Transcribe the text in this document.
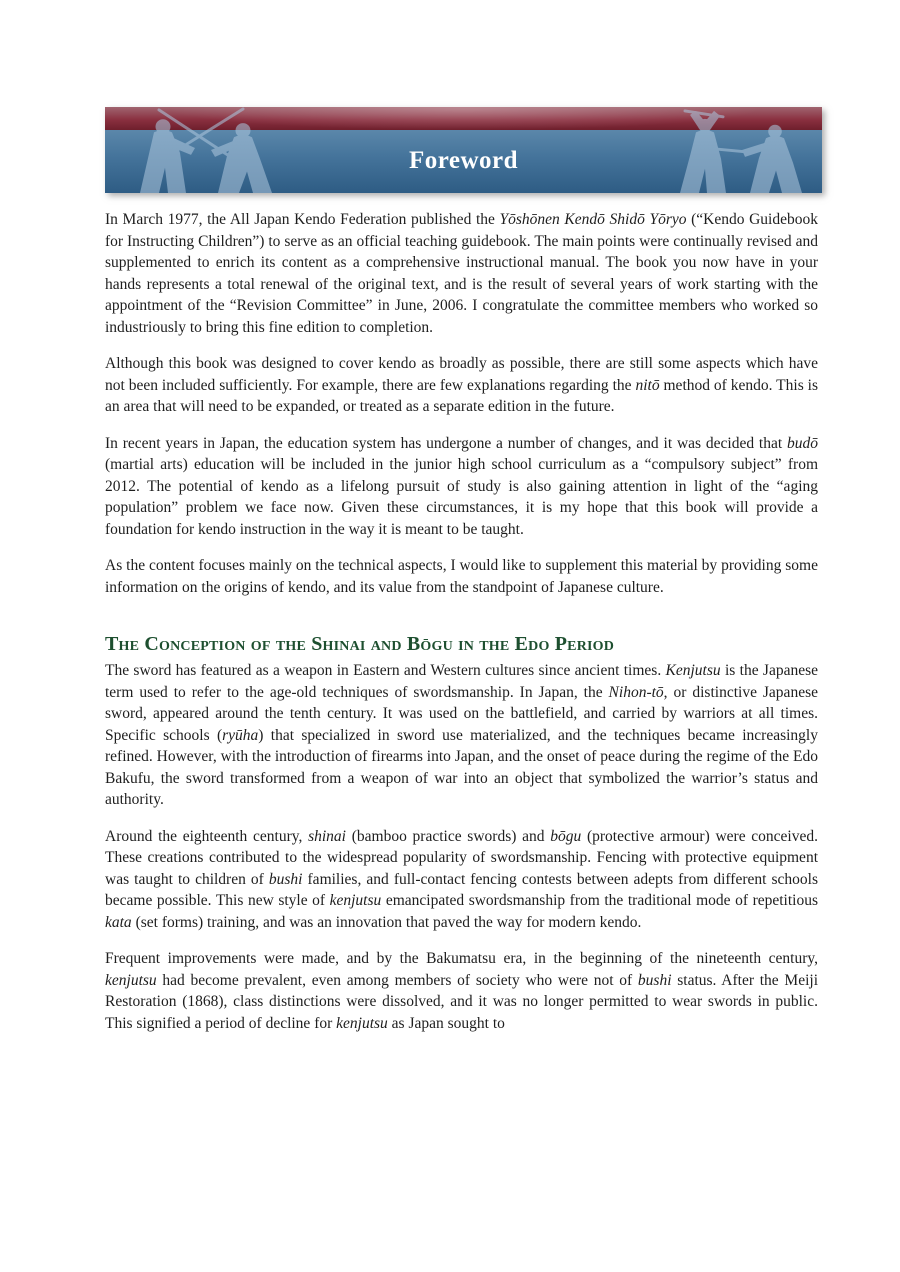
Foreword

In March 1977, the All Japan Kendo Federation published the Yōshōnen Kendō Shidō Yōryo (“Kendo Guidebook for Instructing Children”) to serve as an official teaching guidebook. The main points were continually revised and supplemented to enrich its content as a comprehensive instructional manual. The book you now have in your hands represents a total renewal of the original text, and is the result of several years of work starting with the appointment of the “Revision Committee” in June, 2006. I congratulate the committee members who worked so industriously to bring this fine edition to completion.

Although this book was designed to cover kendo as broadly as possible, there are still some aspects which have not been included sufficiently. For example, there are few explanations regarding the nitō method of kendo. This is an area that will need to be expanded, or treated as a separate edition in the future.

In recent years in Japan, the education system has undergone a number of changes, and it was decided that budō (martial arts) education will be included in the junior high school curriculum as a “compulsory subject” from 2012. The potential of kendo as a lifelong pursuit of study is also gaining attention in light of the “aging population” problem we face now. Given these circumstances, it is my hope that this book will provide a foundation for kendo instruction in the way it is meant to be taught.

As the content focuses mainly on the technical aspects, I would like to supplement this material by providing some information on the origins of kendo, and its value from the standpoint of Japanese culture.

The Conception of the Shinai and Bōgu in the Edo Period

The sword has featured as a weapon in Eastern and Western cultures since ancient times. Kenjutsu is the Japanese term used to refer to the age-old techniques of swordsmanship. In Japan, the Nihon-tō, or distinctive Japanese sword, appeared around the tenth century. It was used on the battlefield, and carried by warriors at all times. Specific schools (ryūha) that specialized in sword use materialized, and the techniques became increasingly refined. However, with the introduction of firearms into Japan, and the onset of peace during the regime of the Edo Bakufu, the sword transformed from a weapon of war into an object that symbolized the warrior’s status and authority.

Around the eighteenth century, shinai (bamboo practice swords) and bōgu (protective armour) were conceived. These creations contributed to the widespread popularity of swordsmanship. Fencing with protective equipment was taught to children of bushi families, and full-contact fencing contests between adepts from different schools became possible. This new style of kenjutsu emancipated swordsmanship from the traditional mode of repetitious kata (set forms) training, and was an innovation that paved the way for modern kendo.

Frequent improvements were made, and by the Bakumatsu era, in the beginning of the nineteenth century, kenjutsu had become prevalent, even among members of society who were not of bushi status. After the Meiji Restoration (1868), class distinctions were dissolved, and it was no longer permitted to wear swords in public. This signified a period of decline for kenjutsu as Japan sought to
